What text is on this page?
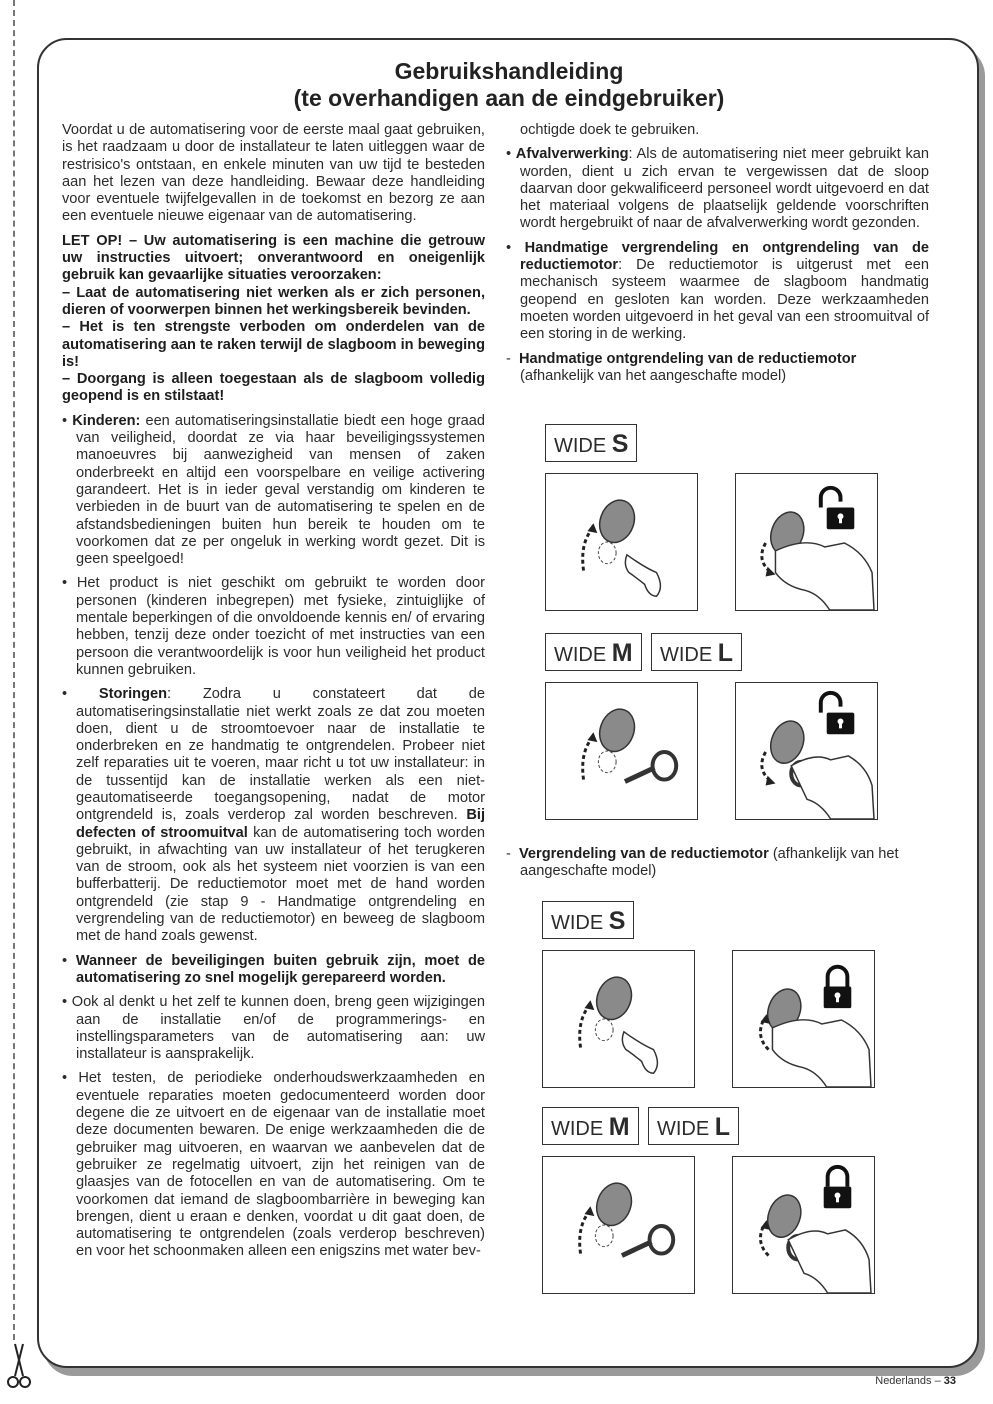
Gebruikshandleiding
(te overhandigen aan de eindgebruiker)

Voordat u de automatisering voor de eerste maal gaat gebruiken, is het raadzaam u door de installateur te laten uitleggen waar de restrisico's ontstaan, en enkele minuten van uw tijd te besteden aan het lezen van deze handleiding. Bewaar deze handleiding voor eventuele twijfelgevallen in de toekomst en bezorg ze aan een eventuele nieuwe eigenaar van de automatisering.

LET OP! – Uw automatisering is een machine die getrouw uw instructies uitvoert; onverantwoord en oneigenlijk gebruik kan gevaarlijke situaties veroorzaken:
– Laat de automatisering niet werken als er zich personen, dieren of voorwerpen binnen het werkingsbereik bevinden.
– Het is ten strengste verboden om onderdelen van de automatisering aan te raken terwijl de slagboom in beweging is!
– Doorgang is alleen toegestaan als de slagboom volledig geopend is en stilstaat!

• Kinderen: een automatiseringsinstallatie biedt een hoge graad van veiligheid, doordat ze via haar beveiligingssystemen manoeuvres bij aanwezigheid van mensen of zaken onderbreekt en altijd een voorspelbare en veilige activering garandeert. Het is in ieder geval verstandig om kinderen te verbieden in de buurt van de automatisering te spelen en de afstandsbedieningen buiten hun bereik te houden om te voorkomen dat ze per ongeluk in werking wordt gezet. Dit is geen speelgoed!

• Het product is niet geschikt om gebruikt te worden door personen (kinderen inbegrepen) met fysieke, zintuiglijke of mentale beperkingen of die onvoldoende kennis en/ of ervaring hebben, tenzij deze onder toezicht of met instructies van een persoon die verantwoordelijk is voor hun veiligheid het product kunnen gebruiken.

• Storingen: Zodra u constateert dat de automatiseringsinstallatie niet werkt zoals ze dat zou moeten doen, dient u de stroomtoevoer naar de installatie te onderbreken en ze handmatig te ontgrendelen. Probeer niet zelf reparaties uit te voeren, maar richt u tot uw installateur: in de tussentijd kan de installatie werken als een niet-geautomatiseerde toegangsopening, nadat de motor ontgrendeld is, zoals verderop zal worden beschreven. Bij defecten of stroomuitval kan de automatisering toch worden gebruikt, in afwachting van uw installateur of het terugkeren van de stroom, ook als het systeem niet voorzien is van een bufferbatterij. De reductiemotor moet met de hand worden ontgrendeld (zie stap 9 - Handmatige ontgrendeling en vergrendeling van de reductiemotor) en beweeg de slagboom met de hand zoals gewenst.

• Wanneer de beveiligingen buiten gebruik zijn, moet de automatisering zo snel mogelijk gerepareerd worden.

• Ook al denkt u het zelf te kunnen doen, breng geen wijzigingen aan de installatie en/of de programmerings- en instellingsparameters van de automatisering aan: uw installateur is aansprakelijk.

• Het testen, de periodieke onderhoudswerkzaamheden en eventuele reparaties moeten gedocumenteerd worden door degene die ze uitvoert en de eigenaar van de installatie moet deze documenten bewaren. De enige werkzaamheden die de gebruiker mag uitvoeren, en waarvan we aanbevelen dat de gebruiker ze regelmatig uitvoert, zijn het reinigen van de glaasjes van de fotocellen en van de automatisering. Om te voorkomen dat iemand de slagboombarrière in beweging kan brengen, dient u eraan e denken, voordat u dit gaat doen, de automatisering te ontgrendelen (zoals verderop beschreven) en voor het schoonmaken alleen een enigszins met water bev-

ochtigde doek te gebruiken.

• Afvalverwerking: Als de automatisering niet meer gebruikt kan worden, dient u zich ervan te vergewissen dat de sloop daarvan door gekwalificeerd personeel wordt uitgevoerd en dat het materiaal volgens de plaatselijk geldende voorschriften wordt hergebruikt of naar de afvalverwerking wordt gezonden.

• Handmatige vergrendeling en ontgrendeling van de reductiemotor: De reductiemotor is uitgerust met een mechanisch systeem waarmee de slagboom handmatig geopend en gesloten kan worden. Deze werkzaamheden moeten worden uitgevoerd in het geval van een stroomuitval of een storing in de werking.

-  Handmatige ontgrendeling van de reductiemotor
(afhankelijk van het aangeschafte model)

-  Vergrendeling van de reductiemotor (afhankelijk van het aangeschafte model)

WIDE S
WIDE M	WIDE L
WIDE S
WIDE M	WIDE L
Nederlands – 33
